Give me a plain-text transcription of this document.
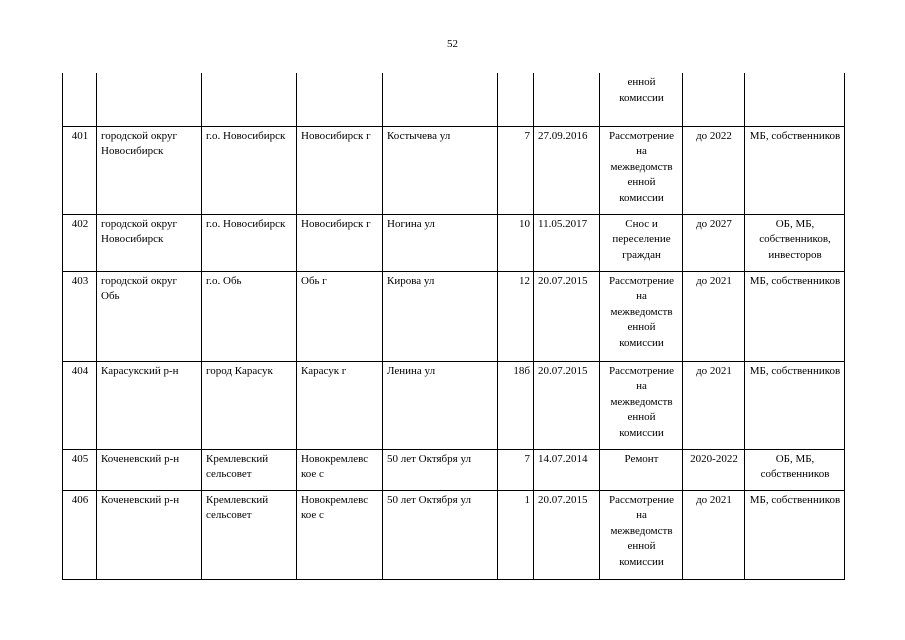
52
							енной комиссии		
401	городской округ Новосибирск	г.о. Новосибирск	Новосибирск г	Костычева ул	7	27.09.2016	Рассмотрение на межведомств енной комиссии	до 2022	МБ, собственников
402	городской округ Новосибирск	г.о. Новосибирск	Новосибирск г	Ногина ул	10	11.05.2017	Снос и переселение граждан	до 2027	ОБ, МБ, собственников, инвесторов
403	городской округ Обь	г.о. Обь	Обь г	Кирова ул	12	20.07.2015	Рассмотрение на межведомств енной комиссии	до 2021	МБ, собственников
404	Карасукский р-н	город Карасук	Карасук г	Ленина ул	18б	20.07.2015	Рассмотрение на межведомств енной комиссии	до 2021	МБ, собственников
405	Коченевский р-н	Кремлевский сельсовет	Новокремлевс кое с	50 лет Октября ул	7	14.07.2014	Ремонт	2020-2022	ОБ, МБ, собственников
406	Коченевский р-н	Кремлевский сельсовет	Новокремлевс кое с	50 лет Октября ул	1	20.07.2015	Рассмотрение на межведомств енной комиссии	до 2021	МБ, собственников
